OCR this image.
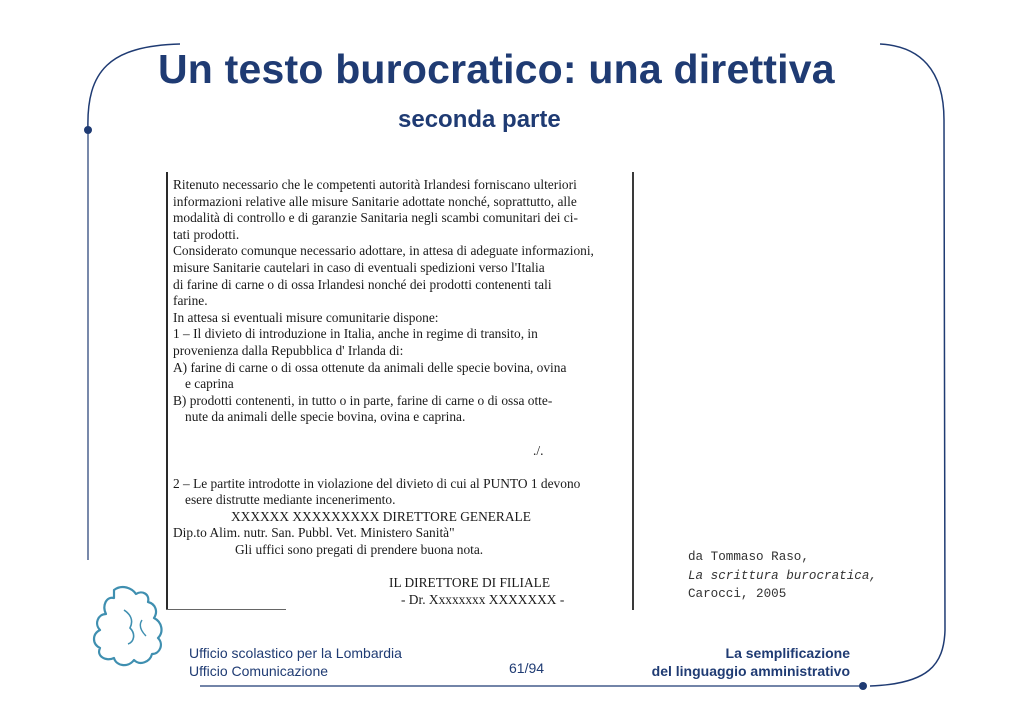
Un testo burocratico: una direttiva
seconda parte
Ritenuto necessario che le competenti autorità Irlandesi forniscano ulteriori
informazioni relative alle misure Sanitarie adottate nonché, soprattutto, alle
modalità di controllo e di garanzie Sanitaria negli scambi comunitari dei ci-
tati prodotti.
Considerato comunque necessario adottare, in attesa di adeguate informazioni,
misure Sanitarie cautelari in caso di eventuali spedizioni verso l'Italia
di farine di carne o di ossa Irlandesi nonché dei prodotti contenenti tali
farine.
In attesa si eventuali misure comunitarie dispone:
1 – Il divieto di introduzione in Italia, anche in regime di transito, in
provenienza dalla Repubblica d' Irlanda di:
A) farine di carne o di ossa ottenute da animali delle specie bovina, ovina
e caprina
B) prodotti contenenti, in tutto o in parte, farine di carne o di ossa otte-
nute da animali delle specie bovina, ovina e caprina.

./.

2 – Le partite introdotte in violazione del divieto di cui al PUNTO 1 devono
esere distrutte mediante incenerimento.
XXXXXX XXXXXXXXX DIRETTORE GENERALE
Dip.to Alim. nutr. San. Pubbl. Vet. Ministero Sanità"
Gli uffici sono pregati di prendere buona nota.

IL DIRETTORE DI FILIALE
- Dr. Xxxxxxxx XXXXXXX -
da Tommaso Raso,
La scrittura burocratica,
Carocci, 2005
Ufficio scolastico per la Lombardia
Ufficio Comunicazione	61/94
La semplificazione
del linguaggio amministrativo
